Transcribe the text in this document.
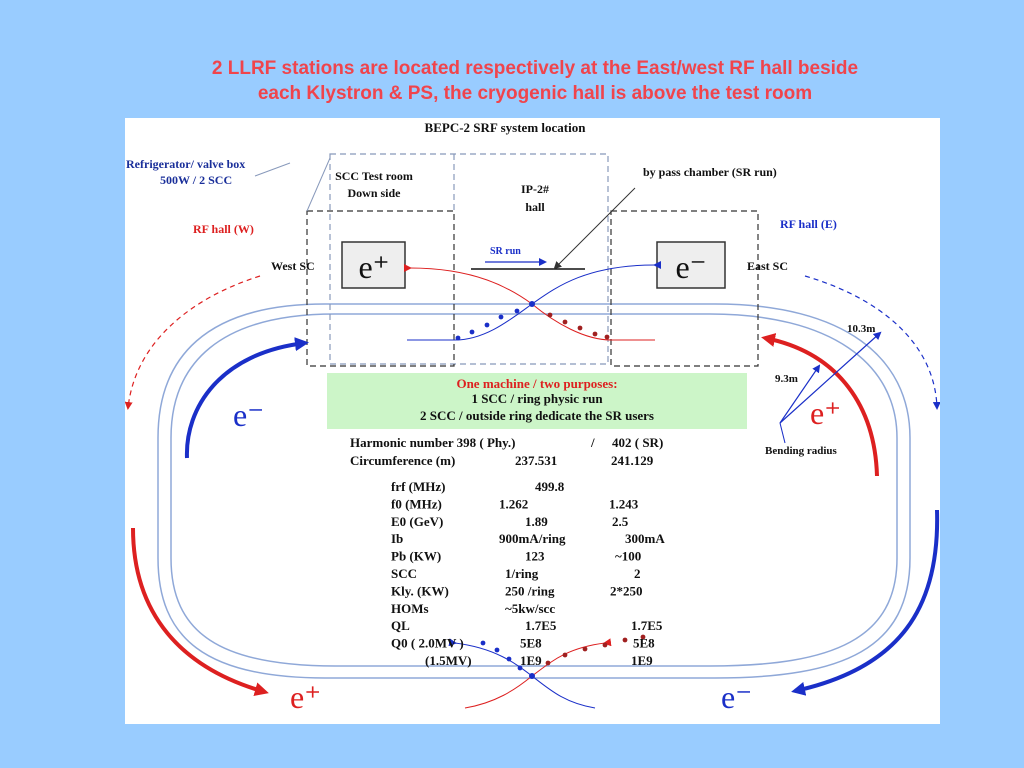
2 LLRF stations are located respectively at the East/west RF hall beside
each Klystron & PS, the cryogenic hall is above the test room
e⁺	e⁻
BEPC-2 SRF system location
Refrigerator/ valve box
500W / 2 SCC	SCC Test room
Down side	IP-2#
hall
by pass chamber (SR run)
SR run
RF hall (W)	RF hall (E)
West SC	East SC
10.3m
9.3m
Bending radius
e⁻	e⁺
e⁺	e⁻
One machine / two purposes:
1 SCC / ring physic run
2 SCC / outside ring dedicate the SR users
Harmonic number 398 ( Phy.)	/ 402 ( SR)
Circumference (m)	237.531	241.129
frf (MHz)	499.8
f0 (MHz)	1.262	1.243
E0 (GeV)	1.89	2.5
Ib	900mA/ring	300mA
Pb (KW)	123	~100
SCC	1/ring	2
Kly. (KW)	250 /ring	2*250
HOMs	~5kw/scc
QL	1.7E5	1.7E5
Q0 ( 2.0MV )	5E8	5E8
(1.5MV)	1E9	1E9
